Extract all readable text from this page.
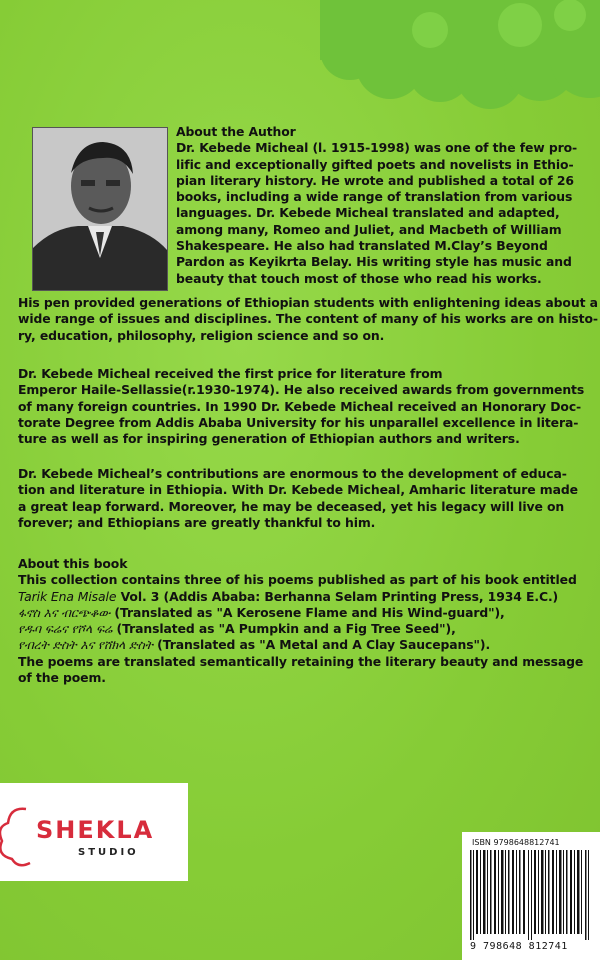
About the Author
Dr. Kebede Micheal (l. 1915-1998) was one of the few pro-
lific and exceptionally gifted poets and novelists in Ethio-
pian literary history. He wrote and published a total of 26
books, including a wide range of translation from various
languages. Dr. Kebede Micheal translated and adapted,
among many, Romeo and Juliet, and Macbeth of William
Shakespeare. He also had translated M.Clay’s Beyond
Pardon as Keyikrta Belay. His writing style has music and
beauty that touch most of those who read his works.
His pen provided generations of Ethiopian students with enlightening ideas about a
wide range of issues and disciplines. The content of many of his works are on histo-
ry, education, philosophy, religion science and so on.
Dr. Kebede Micheal received the first price for literature from
Emperor Haile-Sellassie(r.1930-1974). He also received awards from governments
of many foreign countries. In 1990 Dr. Kebede Micheal received an Honorary Doc-
torate Degree from Addis Ababa University for his unparallel excellence in litera-
ture as well as for inspiring generation of Ethiopian authors and writers.
Dr. Kebede Micheal’s contributions are enormous to the development of educa-
tion and literature in Ethiopia. With Dr. Kebede Micheal, Amharic literature made
a great leap forward. Moreover, he may be deceased, yet his legacy will live on
forever; and Ethiopians are greatly thankful to him.
About this book
This collection contains three of his poems published as part of his book entitled
Tarik Ena Misale Vol. 3 (Addis Ababa: Berhanna Selam Printing Press, 1934 E.C.)
ፋኖስ እና ብርጭቆው (Translated as "A Kerosene Flame and His Wind-guard"),
የዱባ ፍሬና የሾላ ፍሬ (Translated as "A Pumpkin and a Fig Tree Seed"),
የብረት ድስት እና የሸክላ ድስት (Translated as "A Metal and A Clay Saucepans").
The poems are translated semantically retaining the literary beauty and message
of the poem.
SHEKLA
STUDIO
ISBN 9798648812741
9 798648 812741
